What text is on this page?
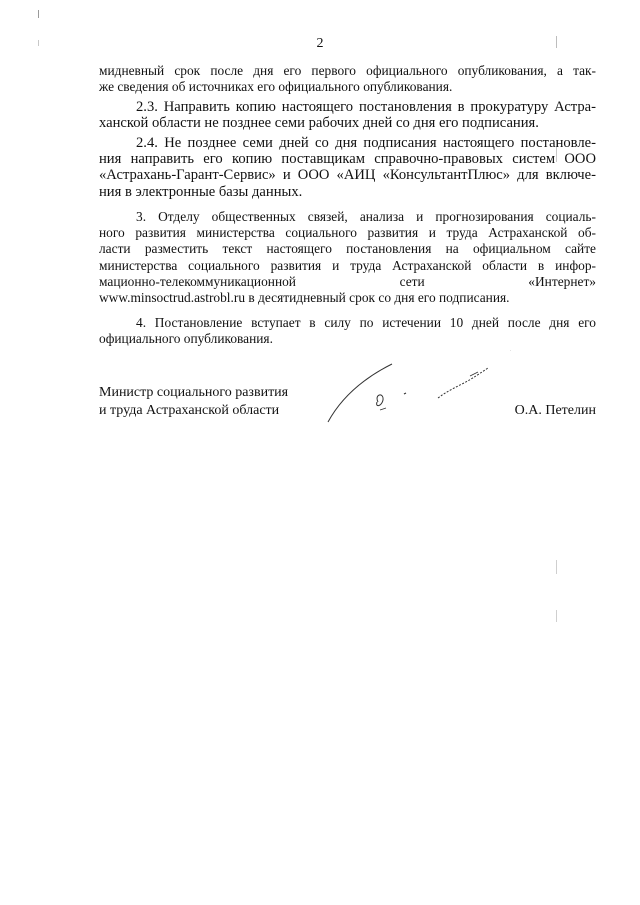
2
мидневный срок после дня его первого официального опубликования, а так-
же сведения об источниках его официального опубликования.
2.3. Направить копию настоящего постановления в прокуратуру Астра-
ханской области не позднее семи рабочих дней со дня его подписания.
2.4. Не позднее семи дней со дня подписания настоящего постановле-
ния направить его копию поставщикам справочно-правовых систем ООО
«Астрахань-Гарант-Сервис» и ООО «АИЦ «КонсультантПлюс» для включе-
ния в электронные базы данных.
3. Отделу общественных связей, анализа и прогнозирования социаль-
ного развития министерства социального развития и труда Астраханской об-
ласти разместить текст настоящего постановления на официальном сайте
министерства социального развития и труда Астраханской области в инфор-
мационно-телекоммуникационной сети «Интернет»
www.minsoctrud.astrobl.ru в десятидневный срок со дня его подписания.
4. Постановление вступает в силу по истечении 10 дней после дня его
официального опубликования.
Министр социального развития
и труда Астраханской области	О.А. Петелин
